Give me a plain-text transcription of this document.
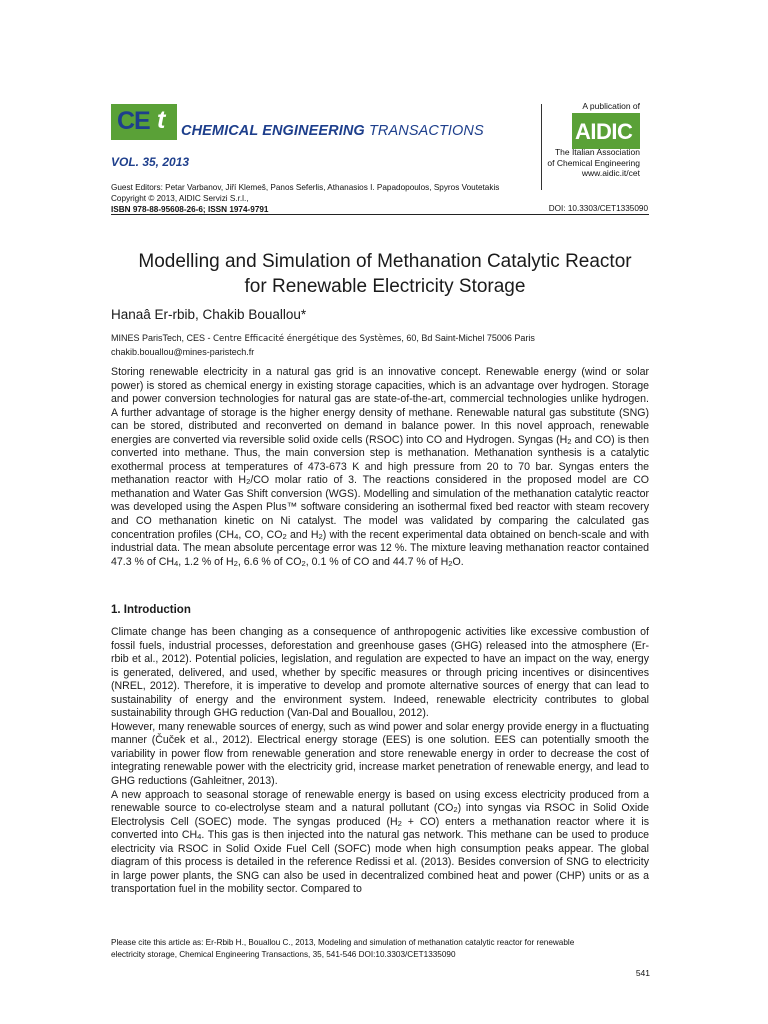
CE t CHEMICAL ENGINEERING TRANSACTIONS
VOL. 35, 2013
A publication of
AIDIC
The Italian Association
of Chemical Engineering
www.aidic.it/cet
Guest Editors: Petar Varbanov, Jiří Klemeš, Panos Seferlis, Athanasios I. Papadopoulos, Spyros Voutetakis
Copyright © 2013, AIDIC Servizi S.r.l.,
ISBN 978-88-95608-26-6; ISSN 1974-9791	DOI: 10.3303/CET1335090
Modelling and Simulation of Methanation Catalytic Reactor
for Renewable Electricity Storage
Hanaâ Er-rbib, Chakib Bouallou*
MINES ParisTech, CES - Centre Efficacité énergétique des Systèmes, 60, Bd Saint-Michel 75006 Paris
chakib.bouallou@mines-paristech.fr
Storing renewable electricity in a natural gas grid is an innovative concept. Renewable energy (wind or solar power) is stored as chemical energy in existing storage capacities, which is an advantage over hydrogen. Storage and power conversion technologies for natural gas are state-of-the-art, commercial technologies unlike hydrogen. A further advantage of storage is the higher energy density of methane. Renewable natural gas substitute (SNG) can be stored, distributed and reconverted on demand in balance power. In this novel approach, renewable energies are converted via reversible solid oxide cells (RSOC) into CO and Hydrogen. Syngas ($H_2$ and CO) is then converted into methane. Thus, the main conversion step is methanation. Methanation synthesis is a catalytic exothermal process at temperatures of 473-673 K and high pressure from 20 to 70 bar. Syngas enters the methanation reactor with $H_2/CO$ molar ratio of 3. The reactions considered in the proposed model are CO methanation and Water Gas Shift conversion (WGS). Modelling and simulation of the methanation catalytic reactor was developed using the Aspen Plus™ software considering an isothermal fixed bed reactor with steam recovery and CO methanation kinetic on Ni catalyst. The model was validated by comparing the calculated gas concentration profiles ($CH_4$, CO, $CO_2$ and $H_2$) with the recent experimental data obtained on bench-scale and with industrial data. The mean absolute percentage error was 12 %. The mixture leaving methanation reactor contained 47.3 % of $CH_4$, 1.2 % of $H_2$, 6.6 % of $CO_2$, 0.1 % of CO and 44.7 % of $H_2O$.
1. Introduction
Climate change has been changing as a consequence of anthropogenic activities like excessive combustion of fossil fuels, industrial processes, deforestation and greenhouse gases (GHG) released into the atmosphere (Er-rbib et al., 2012). Potential policies, legislation, and regulation are expected to have an impact on the way, energy is generated, delivered, and used, whether by specific measures or through pricing incentives or disincentives (NREL, 2012). Therefore, it is imperative to develop and promote alternative sources of energy that can lead to sustainability of energy and the environment system. Indeed, renewable electricity contributes to global sustainability through GHG reduction (Van-Dal and Bouallou, 2012).
However, many renewable sources of energy, such as wind power and solar energy provide energy in a fluctuating manner (Čuček et al., 2012). Electrical energy storage (EES) is one solution. EES can potentially smooth the variability in power flow from renewable generation and store renewable energy in order to decrease the cost of integrating renewable power with the electricity grid, increase market penetration of renewable energy, and lead to GHG reductions (Gahleitner, 2013).
A new approach to seasonal storage of renewable energy is based on using excess electricity produced from a renewable source to co-electrolyse steam and a natural pollutant $(CO_2)$ into syngas via RSOC in Solid Oxide Electrolysis Cell (SOEC) mode. The syngas produced $(H_2 + CO)$ enters a methanation reactor where it is converted into $CH_4$. This gas is then injected into the natural gas network. This methane can be used to produce electricity via RSOC in Solid Oxide Fuel Cell (SOFC) mode when high consumption peaks appear. The global diagram of this process is detailed in the reference Redissi et al. (2013). Besides conversion of SNG to electricity in large power plants, the SNG can also be used in decentralized combined heat and power (CHP) units or as a transportation fuel in the mobility sector. Compared to
Please cite this article as: Er-Rbib H., Bouallou C., 2013, Modeling and simulation of methanation catalytic reactor for renewable
electricity storage, Chemical Engineering Transactions, 35, 541-546 DOI:10.3303/CET1335090
541
